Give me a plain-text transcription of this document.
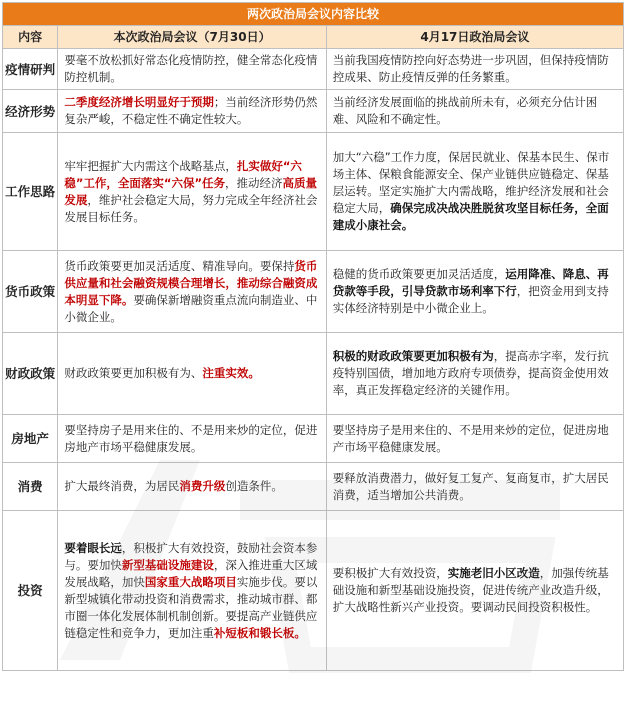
两次政治局会议内容比较		
内容	本次政治局会议（7月30日）	4月17日政治局会议
疫情研判	要毫不放松抓好常态化疫情防控，健全常态化疫情防控机制。	当前我国疫情防控向好态势进一步巩固，但保持疫情防控成果、防止疫情反弹的任务繁重。
经济形势	二季度经济增长明显好于预期；当前经济形势仍然复杂严峻，不稳定性不确定性较大。	当前经济发展面临的挑战前所未有，必须充分估计困难、风险和不确定性。
工作思路	牢牢把握扩大内需这个战略基点，扎实做好“六稳”工作，全面落实“六保”任务，推动经济高质量发展，维护社会稳定大局，努力完成全年经济社会发展目标任务。	加大“六稳”工作力度，保居民就业、保基本民生、保市场主体、保粮食能源安全、保产业链供应链稳定、保基层运转。坚定实施扩大内需战略，维护经济发展和社会稳定大局，确保完成决战决胜脱贫攻坚目标任务，全面建成小康社会。
货币政策	货币政策要更加灵活适度、精准导向。要保持货币供应量和社会融资规模合理增长，推动综合融资成本明显下降。要确保新增融资重点流向制造业、中小微企业。	稳健的货币政策要更加灵活适度，运用降准、降息、再贷款等手段，引导贷款市场利率下行，把资金用到支持实体经济特别是中小微企业上。
财政政策	财政政策要更加积极有为、注重实效。	积极的财政政策要更加积极有为，提高赤字率，发行抗疫特别国债，增加地方政府专项债券，提高资金使用效率，真正发挥稳定经济的关键作用。
房地产	要坚持房子是用来住的、不是用来炒的定位，促进房地产市场平稳健康发展。	要坚持房子是用来住的、不是用来炒的定位，促进房地产市场平稳健康发展。
消费	扩大最终消费，为居民消费升级创造条件。	要释放消费潜力，做好复工复产、复商复市，扩大居民消费，适当增加公共消费。
投资	要着眼长远，积极扩大有效投资，鼓励社会资本参与。要加快新型基础设施建设，深入推进重大区域发展战略，加快国家重大战略项目实施步伐。要以新型城镇化带动投资和消费需求，推动城市群、都市圈一体化发展体制机制创新。要提高产业链供应链稳定性和竞争力，更加注重补短板和锻长板。	要积极扩大有效投资，实施老旧小区改造，加强传统基础设施和新型基础设施投资，促进传统产业改造升级，扩大战略性新兴产业投资。要调动民间投资积极性。
